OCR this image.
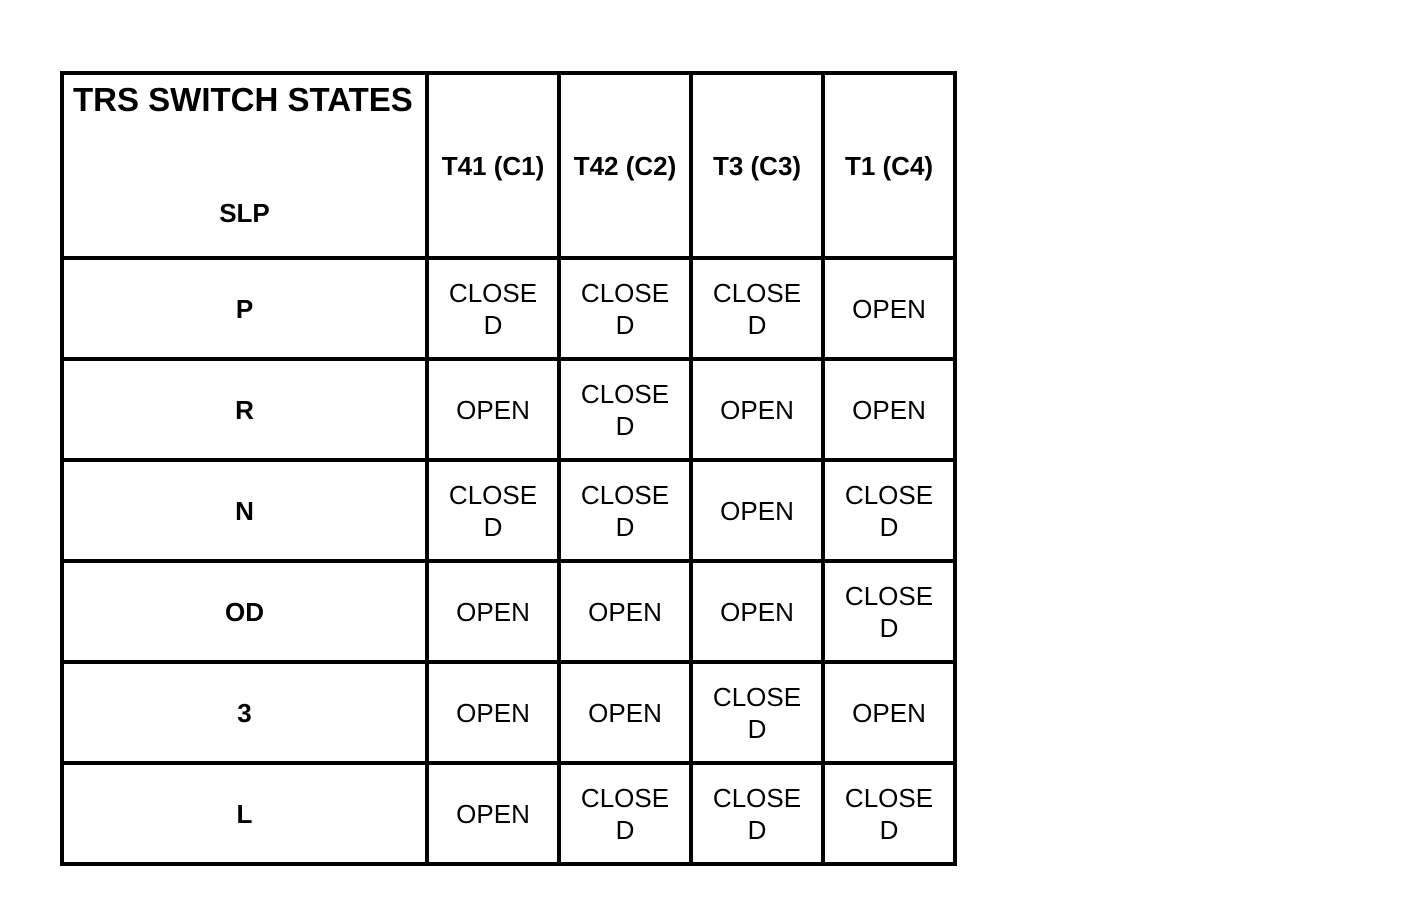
TRS SWITCH STATES
SLP	T41 (C1)	T42 (C2)	T3 (C3)	T1 (C4)
P	CLOSED	CLOSED	CLOSED	OPEN
R	OPEN	CLOSED	OPEN	OPEN
N	CLOSED	CLOSED	OPEN	CLOSED
OD	OPEN	OPEN	OPEN	CLOSED
3	OPEN	OPEN	CLOSED	OPEN
L	OPEN	CLOSED	CLOSED	CLOSED
